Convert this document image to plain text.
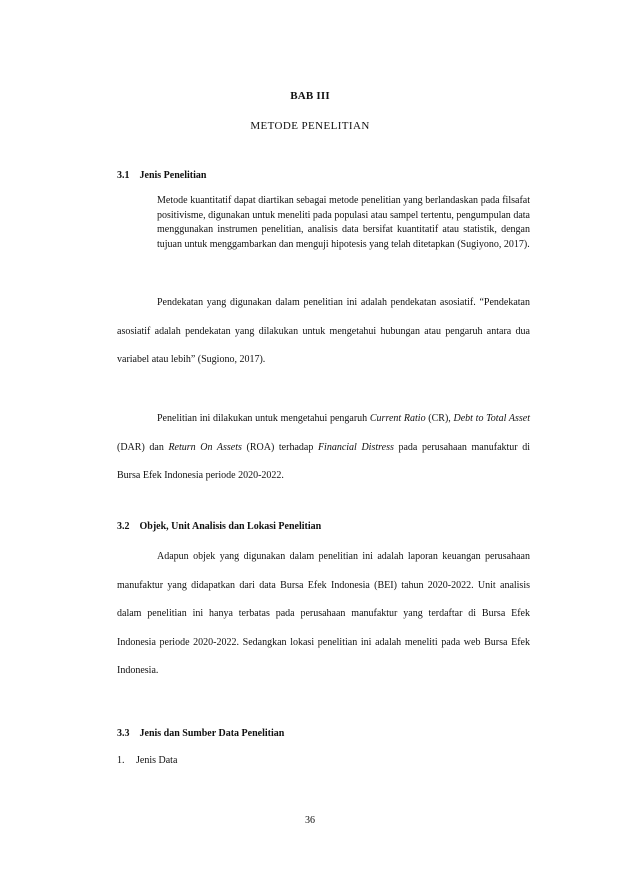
BAB III
METODE PENELITIAN
3.1 Jenis Penelitian

Metode kuantitatif dapat diartikan sebagai metode penelitian yang berlandaskan pada filsafat positivisme, digunakan untuk meneliti pada populasi atau sampel tertentu, pengumpulan data menggunakan instrumen penelitian, analisis data bersifat kuantitatif atau statistik, dengan tujuan untuk menggambarkan dan menguji hipotesis yang telah ditetapkan (Sugiyono, 2017).

Pendekatan yang digunakan dalam penelitian ini adalah pendekatan asosiatif. “Pendekatan asosiatif adalah pendekatan yang dilakukan untuk mengetahui hubungan atau pengaruh antara dua variabel atau lebih” (Sugiono, 2017).

Penelitian ini dilakukan untuk mengetahui pengaruh Current Ratio (CR), Debt to Total Asset (DAR) dan Return On Assets (ROA) terhadap Financial Distress pada perusahaan manufaktur di Bursa Efek Indonesia periode 2020-2022.

3.2 Objek, Unit Analisis dan Lokasi Penelitian

Adapun objek yang digunakan dalam penelitian ini adalah laporan keuangan perusahaan manufaktur yang didapatkan dari data Bursa Efek Indonesia (BEI) tahun 2020-2022. Unit analisis dalam penelitian ini hanya terbatas pada perusahaan manufaktur yang terdaftar di Bursa Efek Indonesia periode 2020-2022. Sedangkan lokasi penelitian ini adalah meneliti pada web Bursa Efek Indonesia.

3.3 Jenis dan Sumber Data Penelitian
1. Jenis Data
36
